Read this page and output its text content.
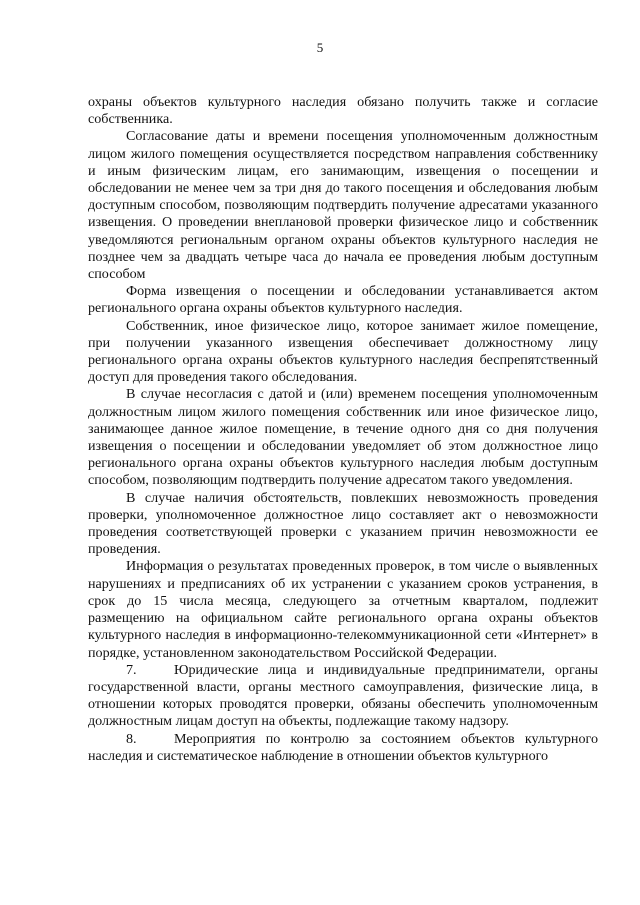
5

охраны объектов культурного наследия обязано получить также и согласие собственника.

Согласование даты и времени посещения уполномоченным должностным лицом жилого помещения осуществляется посредством направления собственнику и иным физическим лицам, его занимающим, извещения о посещении и обследовании не менее чем за три дня до такого посещения и обследования любым доступным способом, позволяющим подтвердить получение адресатами указанного извещения. О проведении внеплановой проверки физическое лицо и собственник уведомляются региональным органом охраны объектов культурного наследия не позднее чем за двадцать четыре часа до начала ее проведения любым доступным способом

Форма извещения о посещении и обследовании устанавливается актом регионального органа охраны объектов культурного наследия.

Собственник, иное физическое лицо, которое занимает жилое помещение, при получении указанного извещения обеспечивает должностному лицу регионального органа охраны объектов культурного наследия беспрепятственный доступ для проведения такого обследования.

В случае несогласия с датой и (или) временем посещения уполномоченным должностным лицом жилого помещения собственник или иное физическое лицо, занимающее данное жилое помещение, в течение одного дня со дня получения извещения о посещении и обследовании уведомляет об этом должностное лицо регионального органа охраны объектов культурного наследия любым доступным способом, позволяющим подтвердить получение адресатом такого уведомления.

В случае наличия обстоятельств, повлекших невозможность проведения проверки, уполномоченное должностное лицо составляет акт о невозможности проведения соответствующей проверки с указанием причин невозможности ее проведения.

Информация о результатах проведенных проверок, в том числе о выявленных нарушениях и предписаниях об их устранении с указанием сроков устранения, в срок до 15 числа месяца, следующего за отчетным кварталом, подлежит размещению на официальном сайте регионального органа охраны объектов культурного наследия в информационно-телекоммуникационной сети «Интернет» в порядке, установленном законодательством Российской Федерации.

7.	Юридические лица и индивидуальные предприниматели, органы государственной власти, органы местного самоуправления, физические лица, в отношении которых проводятся проверки, обязаны обеспечить уполномоченным должностным лицам доступ на объекты, подлежащие такому надзору.

8.	Мероприятия по контролю за состоянием объектов культурного наследия и систематическое наблюдение в отношении объектов культурного
